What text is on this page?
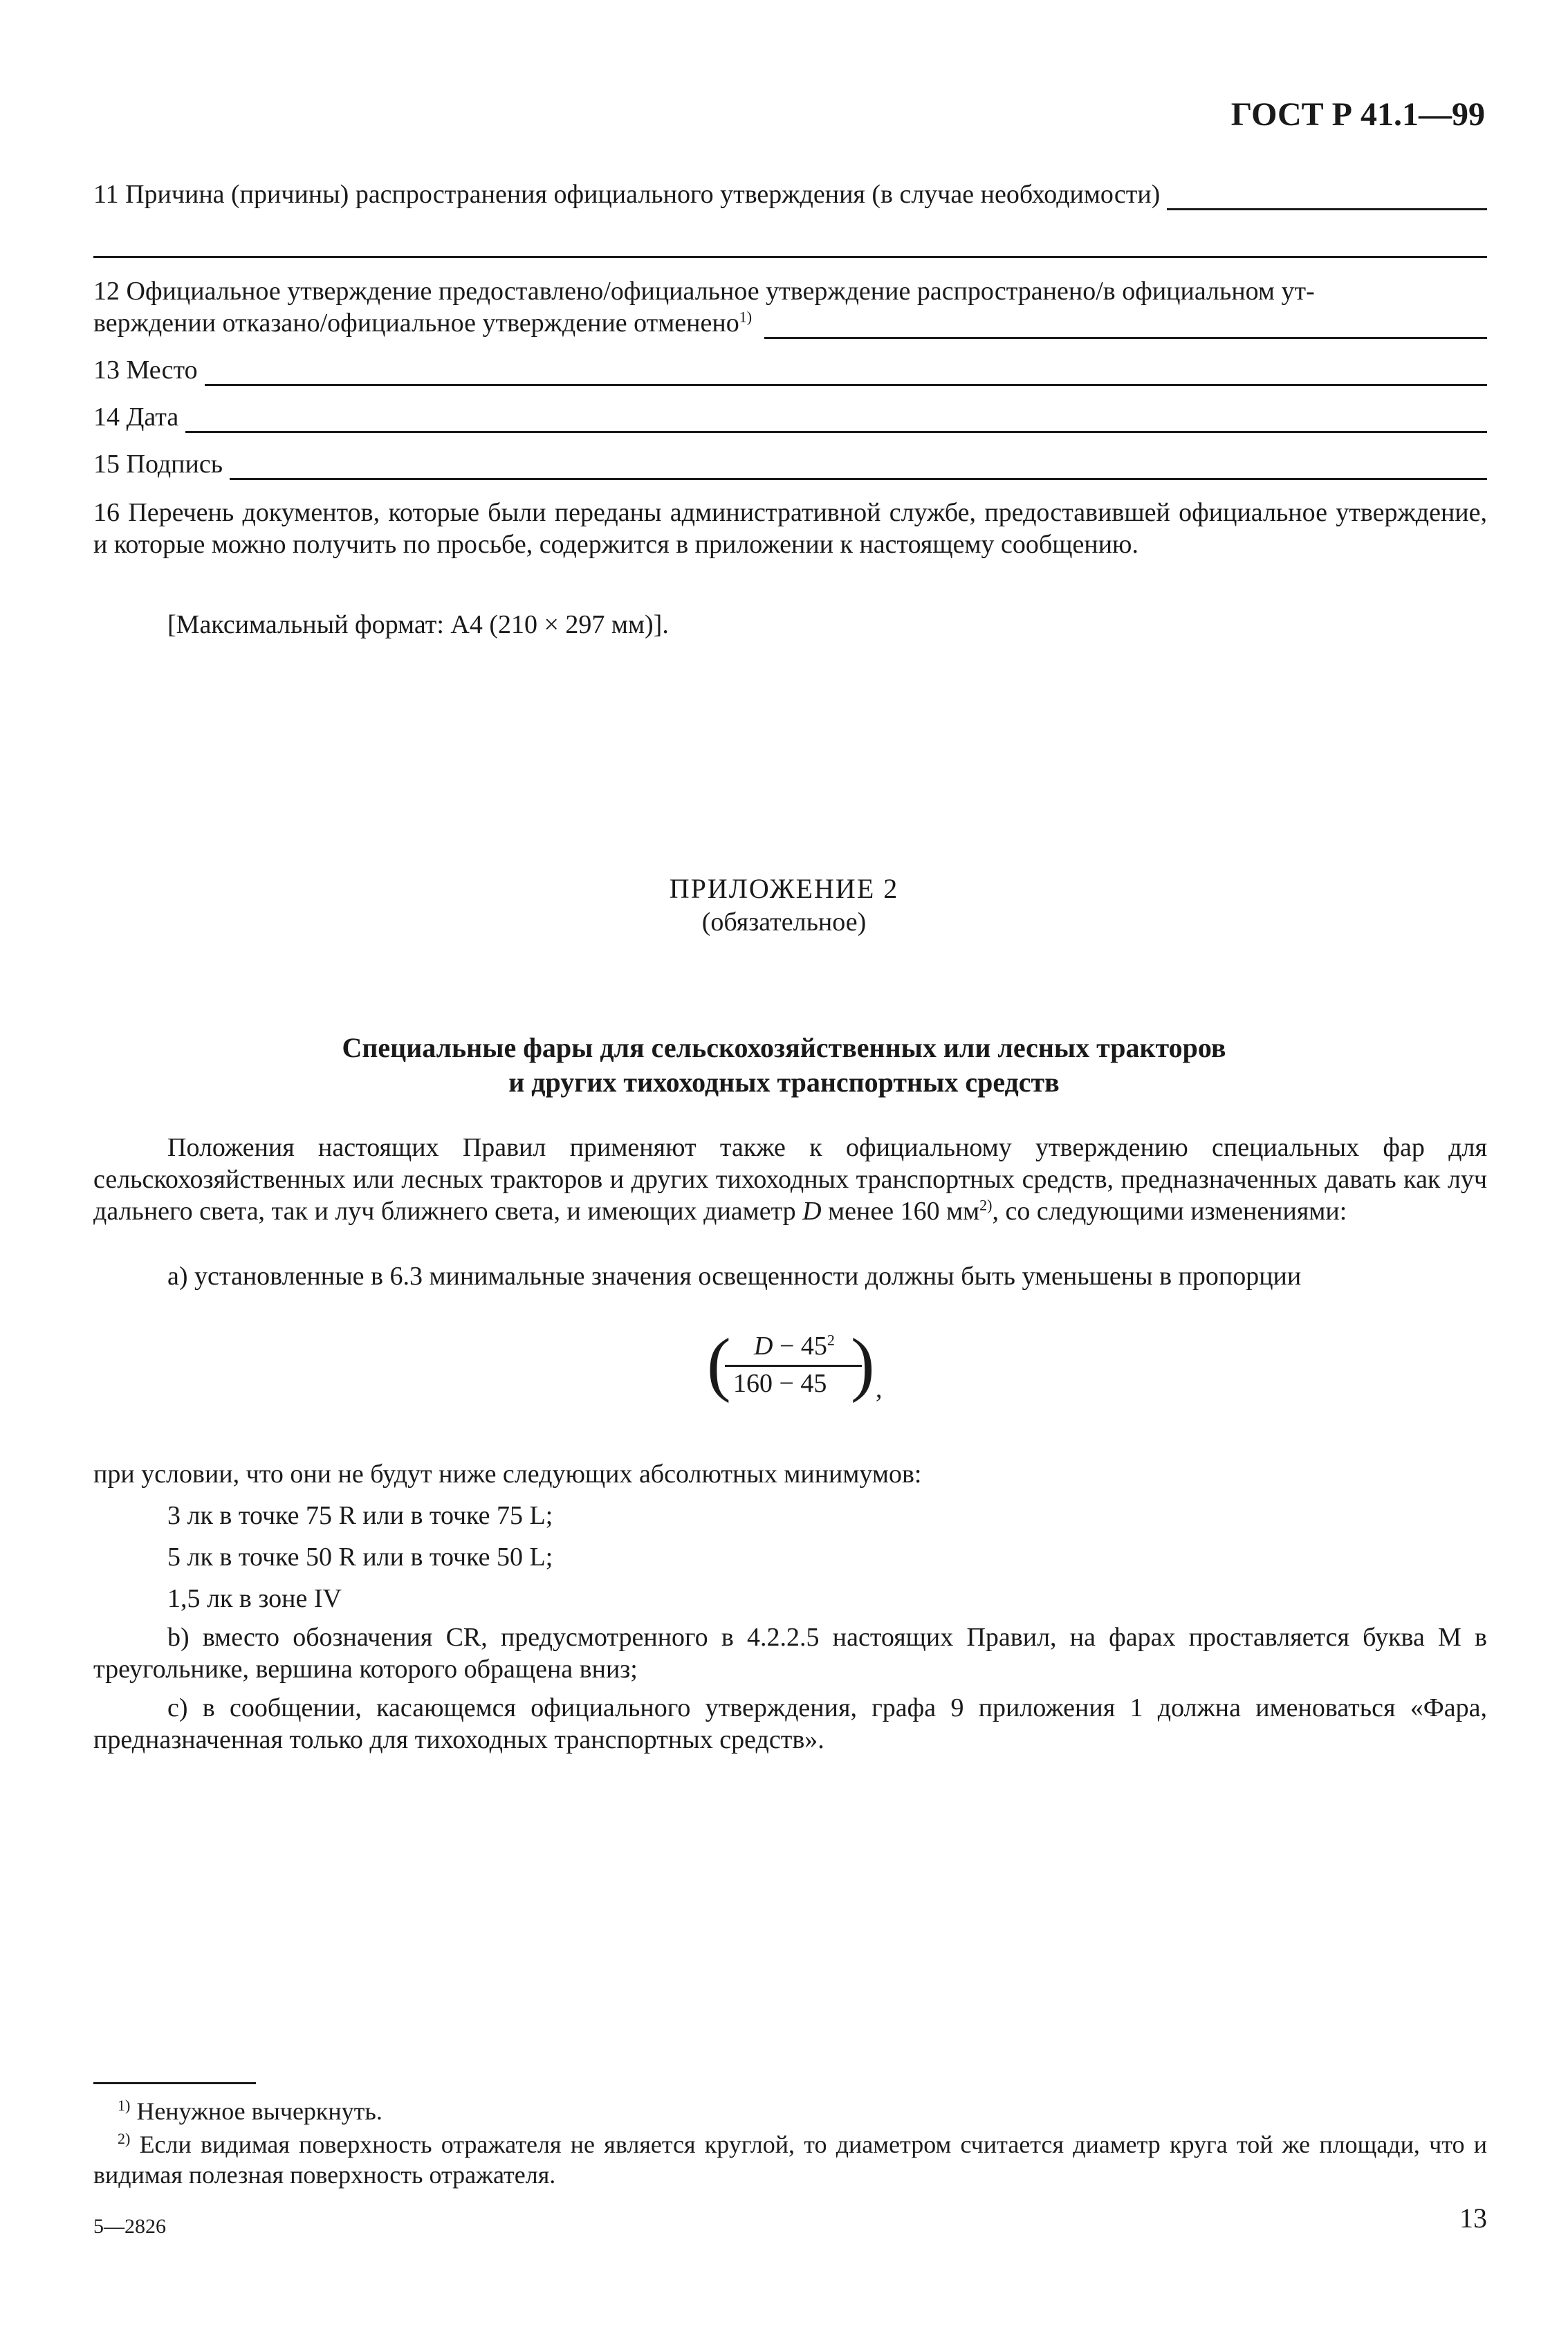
ГОСТ Р 41.1—99
11 Причина (причины) распространения официального утверждения (в случае необходимости)
12 Официальное утверждение предоставлено/официальное утверждение распространено/в официальном ут-
верждении отказано/официальное утверждение отменено$^{1)}$
13 Место
14 Дата
15 Подпись
16 Перечень документов, которые были переданы административной службе, предоставившей официальное утверждение, и которые можно получить по просьбе, содержится в приложении к настоящему сообщению.
[Максимальный формат: А4 (210 × 297 мм)].
ПРИЛОЖЕНИЕ 2
(обязательное)
Специальные фары для сельскохозяйственных или лесных тракторов
и других тихоходных транспортных средств
Положения настоящих Правил применяют также к официальному утверждению специальных фар для сельскохозяйственных или лесных тракторов и других тихоходных транспортных средств, предназначенных давать как луч дальнего света, так и луч ближнего света, и имеющих диаметр D менее 160 $мм^{2)}$, со следующими изменениями:
а) установленные в 6.3 минимальные значения освещенности должны быть уменьшены в пропорции
( $D - 45^2$
160 − 45 ) ,
при условии, что они не будут ниже следующих абсолютных минимумов:
3 лк в точке 75 R или в точке 75 L;
5 лк в точке 50 R или в точке 50 L;
1,5 лк в зоне IV
b) вместо обозначения CR, предусмотренного в 4.2.2.5 настоящих Правил, на фарах проставляется буква М в треугольнике, вершина которого обращена вниз;
c) в сообщении, касающемся официального утверждения, графа 9 приложения 1 должна именоваться «Фара, предназначенная только для тихоходных транспортных средств».
$^{1)}$ Ненужное вычеркнуть.
$^{2)}$ Если видимая поверхность отражателя не является круглой, то диаметром считается диаметр круга той же площади, что и видимая полезная поверхность отражателя.
5—2826	13
